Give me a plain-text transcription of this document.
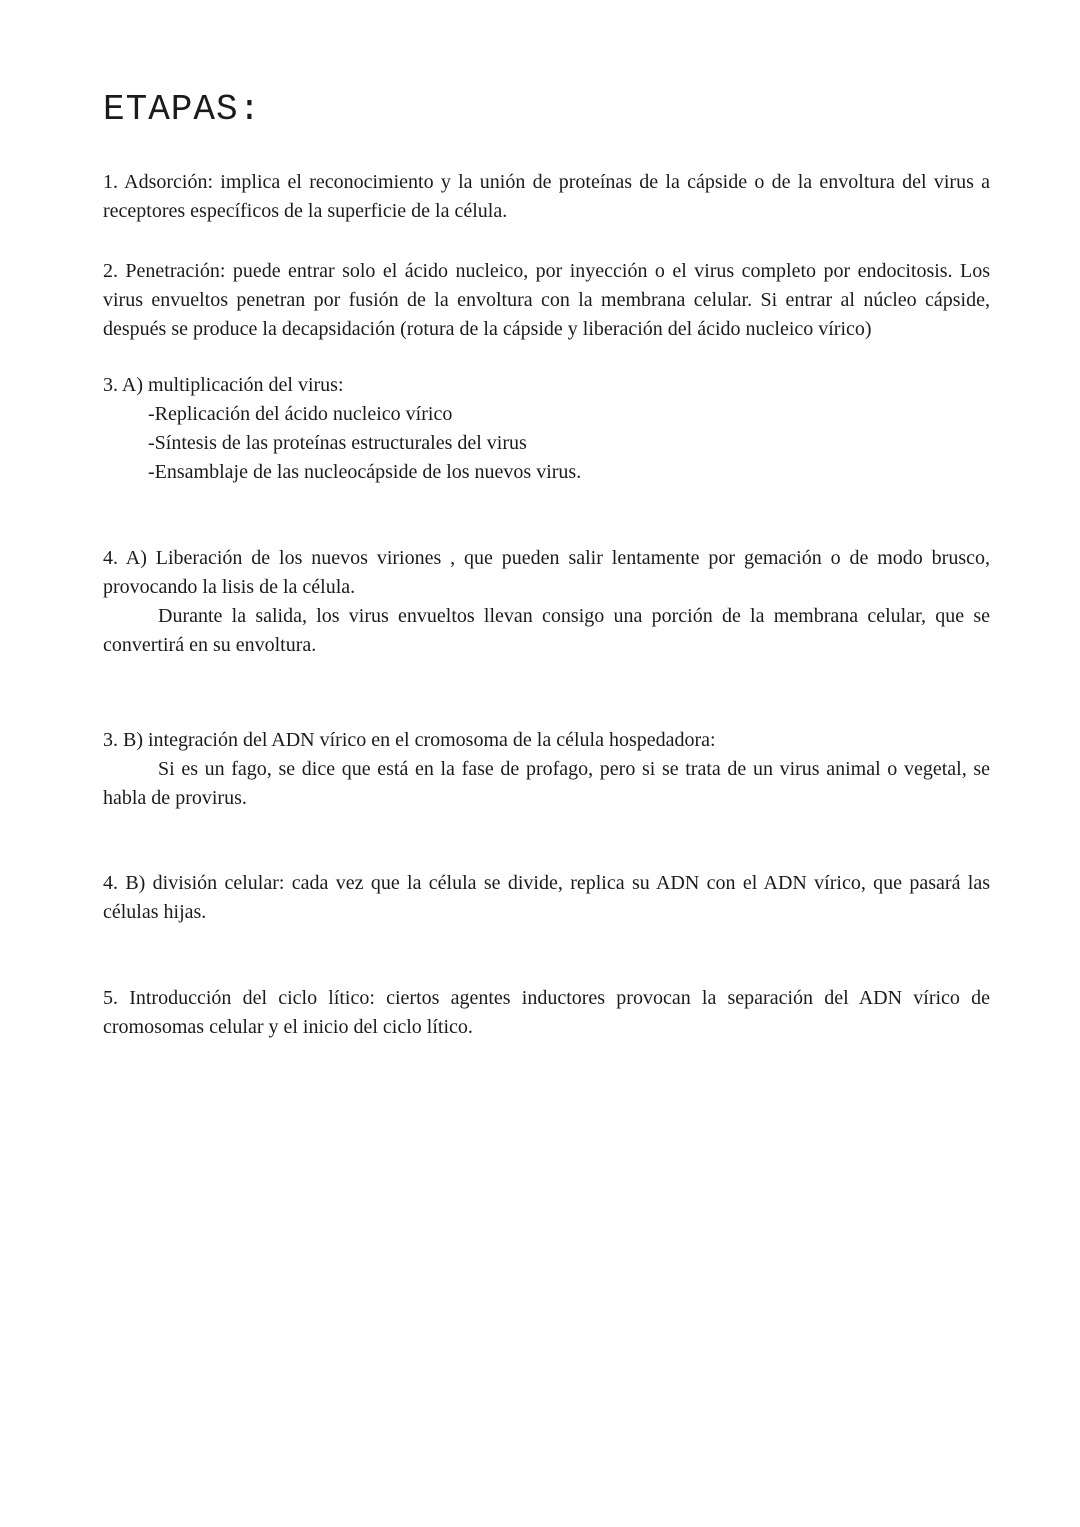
ETAPAS:

1. Adsorción: implica el reconocimiento y la unión de proteínas de la cápside o de la envoltura del virus a receptores específicos de la superficie de la célula.

2. Penetración: puede entrar solo el ácido nucleico, por inyección o el virus completo por endocitosis. Los virus envueltos penetran por fusión de la envoltura con la membrana celular. Si entrar al núcleo cápside, después se produce la decapsidación (rotura de la cápside y liberación del ácido nucleico vírico)

3. A) multiplicación del virus:

-Replicación del ácido nucleico vírico

-Síntesis de las proteínas estructurales del virus

-Ensamblaje de las nucleocápside de los nuevos virus.

4. A) Liberación de los nuevos viriones , que pueden salir lentamente por gemación o de modo brusco, provocando la lisis de la célula.

Durante la salida, los virus envueltos llevan consigo una porción de la membrana celular, que se convertirá en su envoltura.

3. B) integración del ADN vírico en el cromosoma de la célula hospedadora:

Si es un fago, se dice que está en la fase de profago, pero si se trata de un virus animal o vegetal, se habla de provirus.

4. B) división celular: cada vez que la célula se divide, replica su ADN con el ADN vírico, que pasará las células hijas.

5. Introducción del ciclo lítico: ciertos agentes inductores provocan la separación del ADN vírico de cromosomas celular y el inicio del ciclo lítico.
